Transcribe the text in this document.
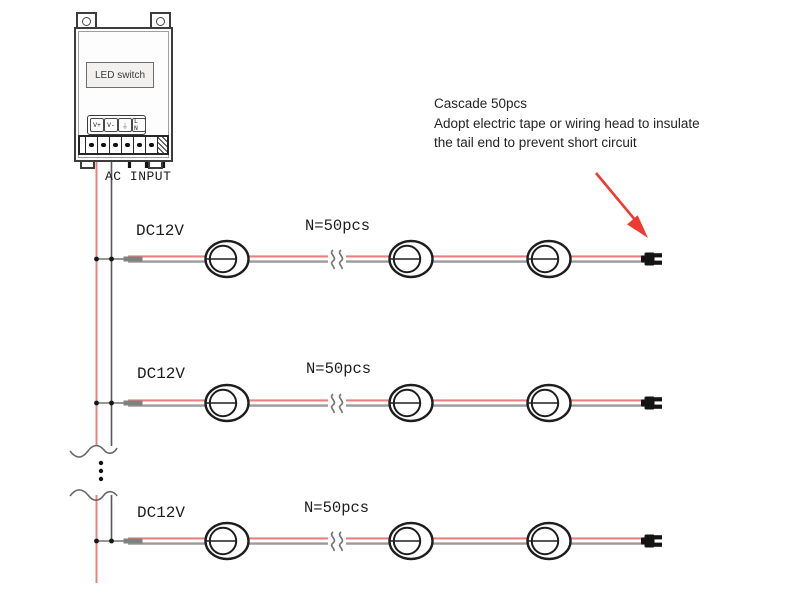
LED switch
V+ V-	⏚
L N
AC INPUT
DC12V	N=50pcs
DC12V	N=50pcs
DC12V	N=50pcs
Cascade 50pcs
Adopt electric tape or wiring head to insulate
the tail end to prevent short circuit
